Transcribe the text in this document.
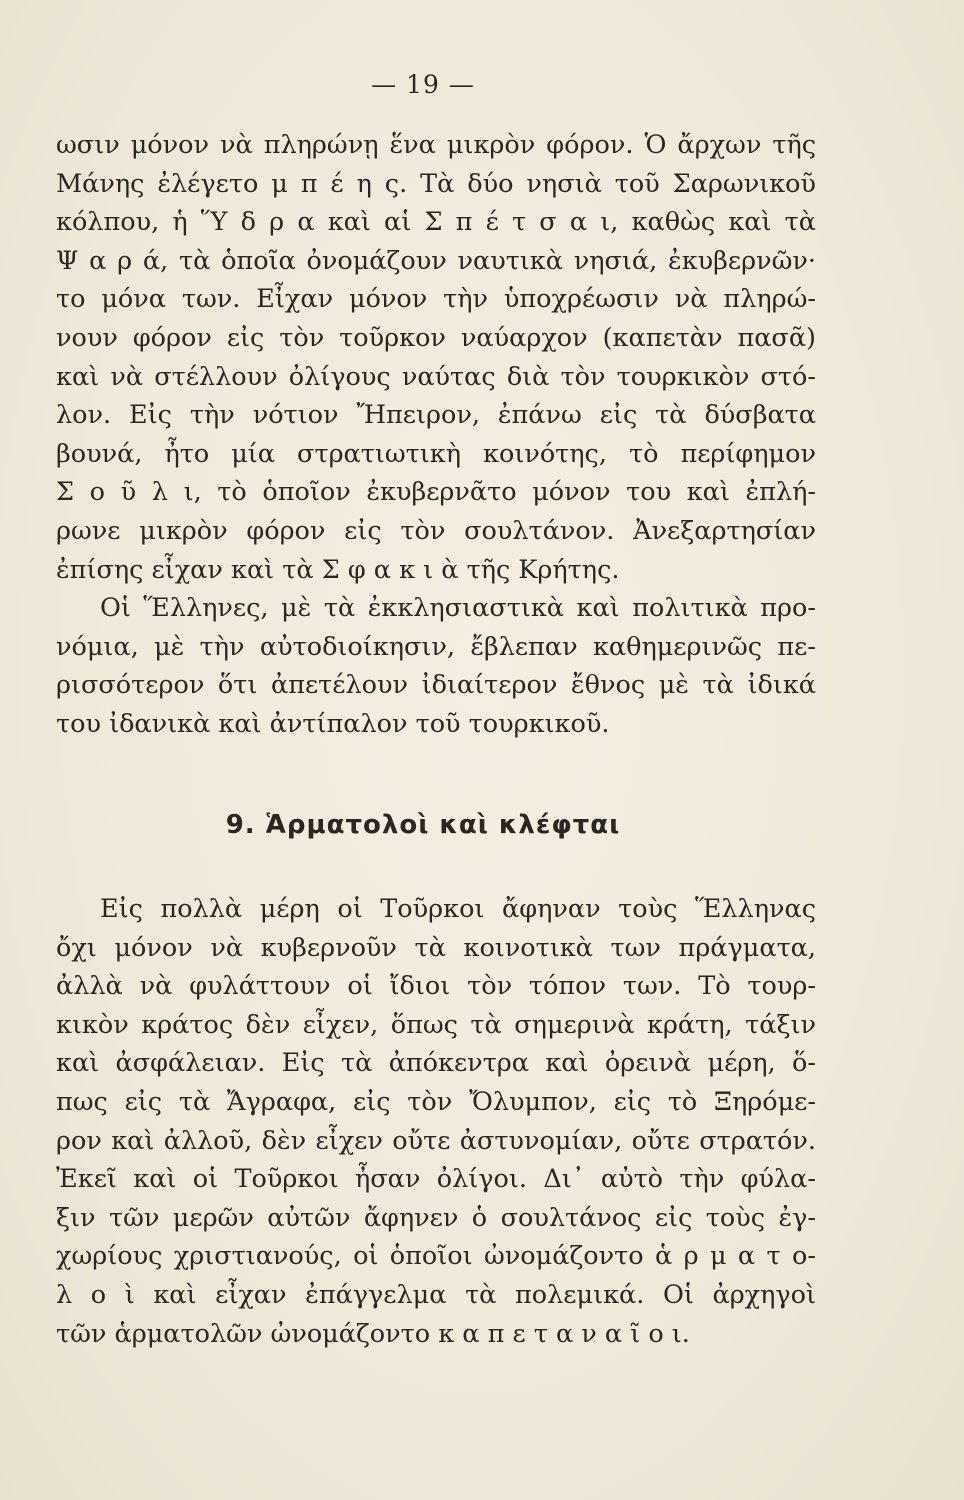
— 19 —
ωσιν μόνον νὰ πληρώνῃ ἕνα μικρὸν φόρον. Ὁ ἄρχων τῆς
Μάνης ἐλέγετο μ π έ η ς. Τὰ δύο νησιὰ τοῦ Σαρωνικοῦ
κόλπου, ἡ Ὕ δ ρ α καὶ αἱ Σ π έ τ σ α ι, καθὼς καὶ τὰ
Ψ α ρ ά, τὰ ὁποῖα ὀνομάζουν ναυτικὰ νησιά, ἐκυβερνῶν·
το μόνα των. Εἶχαν μόνον τὴν ὑποχρέωσιν νὰ πληρώ-
νουν φόρον εἰς τὸν τοῦρκον ναύαρχον (καπετὰν πασᾶ)
καὶ νὰ στέλλουν ὀλίγους ναύτας διὰ τὸν τουρκικὸν στό-
λον. Εἰς τὴν νότιον Ἤπειρον, ἐπάνω εἰς τὰ δύσβατα
βουνά, ἦτο μία στρατιωτικὴ κοινότης, τὸ περίφημον
Σ ο ῦ λ ι, τὸ ὁποῖον ἐκυβερνᾶτο μόνον του καὶ ἐπλή-
ρωνε μικρὸν φόρον εἰς τὸν σουλτάνον. Ἀνεξαρτησίαν
ἐπίσης εἶχαν καὶ τὰ Σ φ α κ ι ὰ τῆς Κρήτης.
Οἱ Ἕλληνες, μὲ τὰ ἐκκλησιαστικὰ καὶ πολιτικὰ προ-
νόμια, μὲ τὴν αὐτοδιοίκησιν, ἔβλεπαν καθημερινῶς πε-
ρισσότερον ὅτι ἀπετέλουν ἰδιαίτερον ἔθνος μὲ τὰ ἰδικά
του ἰδανικὰ καὶ ἀντίπαλον τοῦ τουρκικοῦ.
9. Ἁρματολοὶ καὶ κλέφται
Εἰς πολλὰ μέρη οἱ Τοῦρκοι ἄφηναν τοὺς Ἕλληνας
ὄχι μόνον νὰ κυβερνοῦν τὰ κοινοτικὰ των πράγματα,
ἀλλὰ νὰ φυλάττουν οἱ ἴδιοι τὸν τόπον των. Τὸ τουρ-
κικὸν κράτος δὲν εἶχεν, ὅπως τὰ σημερινὰ κράτη, τάξιν
καὶ ἀσφάλειαν. Εἰς τὰ ἀπόκεντρα καὶ ὀρεινὰ μέρη, ὅ-
πως εἰς τὰ Ἄγραφα, εἰς τὸν Ὄλυμπον, εἰς τὸ Ξηρόμε-
ρον καὶ ἀλλοῦ, δὲν εἶχεν οὔτε ἀστυνομίαν, οὔτε στρατόν.
Ἐκεῖ καὶ οἱ Τοῦρκοι ἦσαν ὀλίγοι. Δι᾽ αὐτὸ τὴν φύλα-
ξιν τῶν μερῶν αὐτῶν ἄφηνεν ὁ σουλτάνος εἰς τοὺς ἐγ-
χωρίους χριστιανούς, οἱ ὁποῖοι ὠνομάζοντο ἁ ρ μ α τ ο-
λ ο ὶ καὶ εἶχαν ἐπάγγελμα τὰ πολεμικά. Οἱ ἀρχηγοὶ
τῶν ἁρματολῶν ὠνομάζοντο κ α π ε τ α ν α ῖ ο ι.
